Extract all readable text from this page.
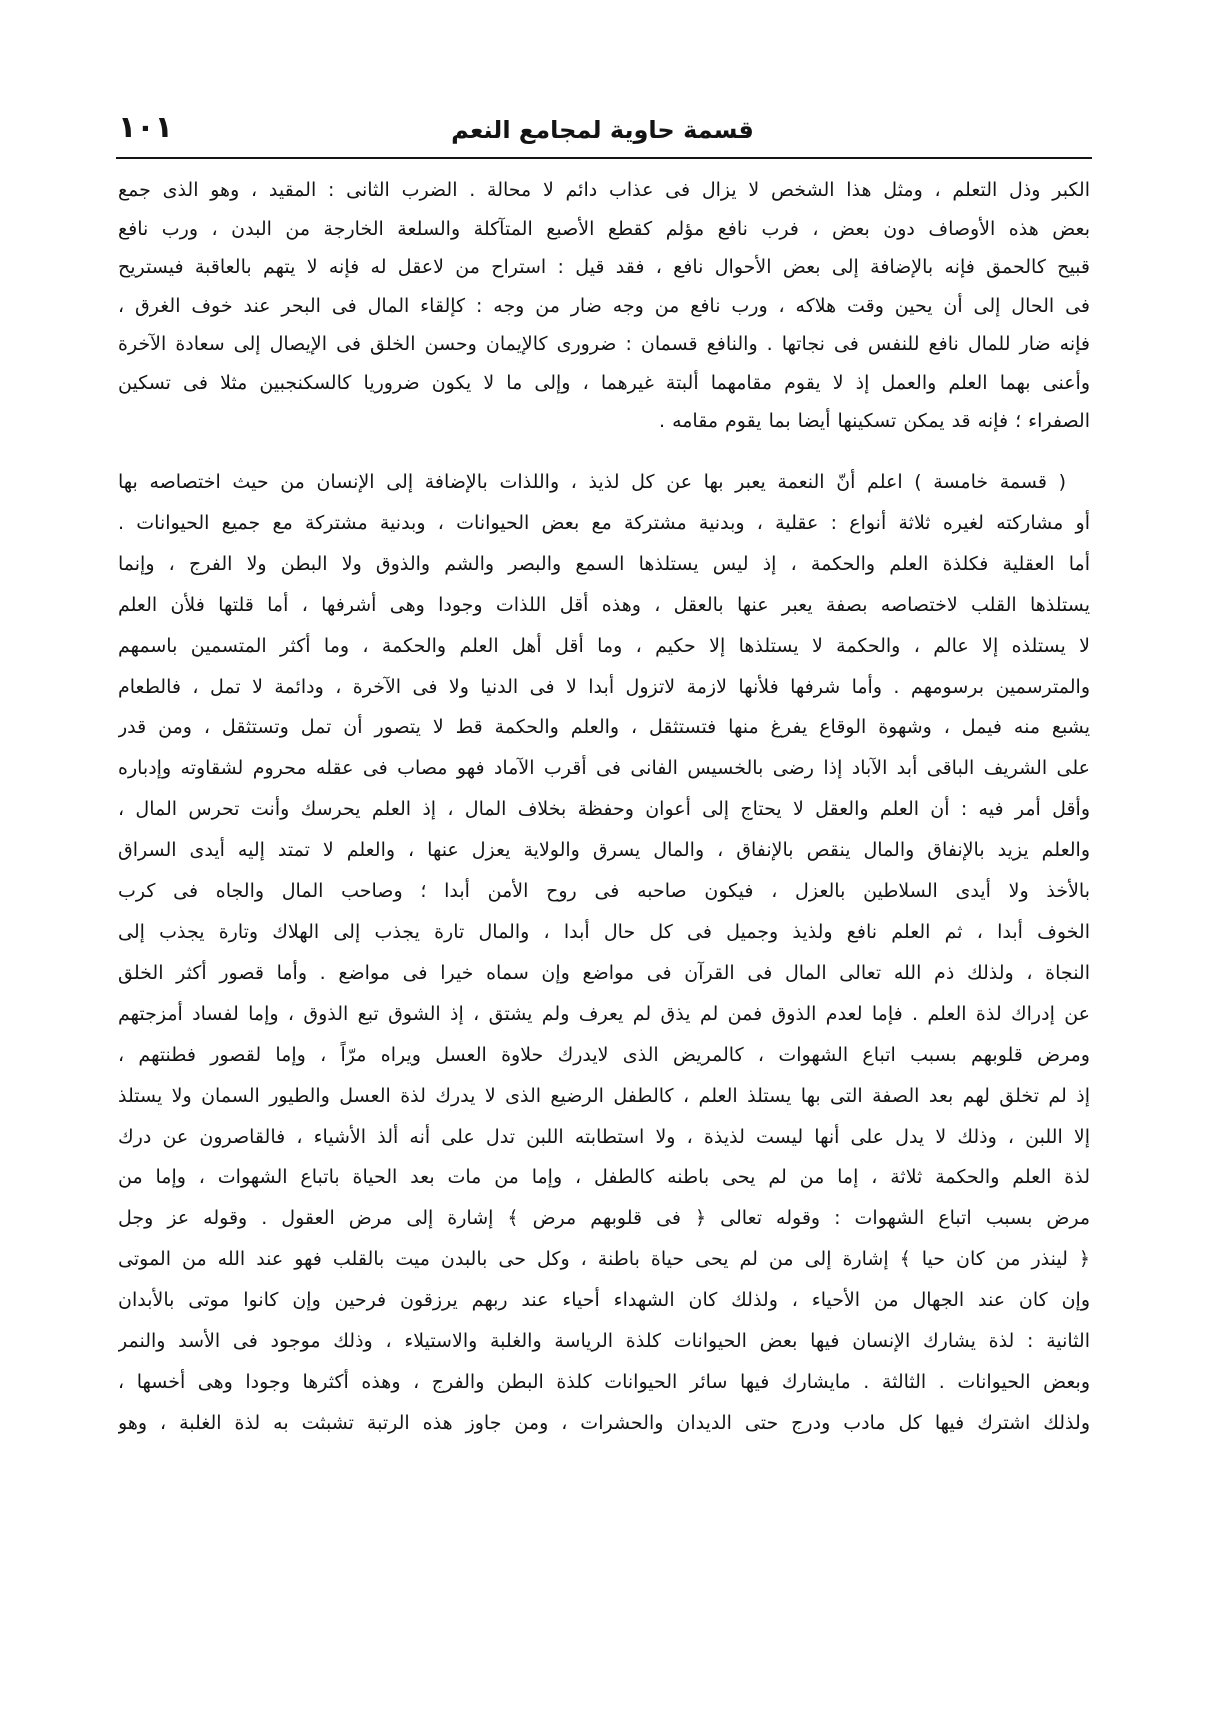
١٠١	قسمة حاوية لمجامع النعم
الكبر وذل التعلم ، ومثل هذا الشخص لا يزال فى عذاب دائم لا محالة . الضرب الثانى : المقيد ، وهو الذى جمع
بعض هذه الأوصاف دون بعض ، فرب نافع مؤلم كقطع الأصبع المتآكلة والسلعة الخارجة من البدن ، ورب نافع
قبيح كالحمق فإنه بالإضافة إلى بعض الأحوال نافع ، فقد قيل : استراح من لاعقل له فإنه لا يتهم بالعاقبة فيستريح
فى الحال إلى أن يحين وقت هلاكه ، ورب نافع من وجه ضار من وجه : كإلقاء المال فى البحر عند خوف الغرق ،
فإنه ضار للمال نافع للنفس فى نجاتها . والنافع قسمان : ضرورى كالإيمان وحسن الخلق فى الإيصال إلى سعادة الآخرة
وأعنى بهما العلم والعمل إذ لا يقوم مقامهما ألبتة غيرهما ، وإلى ما لا يكون ضروريا كالسكنجبين مثلا فى تسكين
الصفراء ؛ فإنه قد يمكن تسكينها أيضا بما يقوم مقامه .
( قسمة خامسة ) اعلم أنّ النعمة يعبر بها عن كل لذيذ ، واللذات بالإضافة إلى الإنسان من حيث اختصاصه بها
أو مشاركته لغيره ثلاثة أنواع : عقلية ، وبدنية مشتركة مع بعض الحيوانات ، وبدنية مشتركة مع جميع الحيوانات .
أما العقلية فكلذة العلم والحكمة ، إذ ليس يستلذها السمع والبصر والشم والذوق ولا البطن ولا الفرج ، وإنما
يستلذها القلب لاختصاصه بصفة يعبر عنها بالعقل ، وهذه أقل اللذات وجودا وهى أشرفها ، أما قلتها فلأن العلم
لا يستلذه إلا عالم ، والحكمة لا يستلذها إلا حكيم ، وما أقل أهل العلم والحكمة ، وما أكثر المتسمين باسمهم
والمترسمين برسومهم . وأما شرفها فلأنها لازمة لاتزول أبدا لا فى الدنيا ولا فى الآخرة ، ودائمة لا تمل ، فالطعام
يشبع منه فيمل ، وشهوة الوقاع يفرغ منها فتستثقل ، والعلم والحكمة قط لا يتصور أن تمل وتستثقل ، ومن قدر
على الشريف الباقى أبد الآباد إذا رضى بالخسيس الفانى فى أقرب الآماد فهو مصاب فى عقله محروم لشقاوته وإدباره
وأقل أمر فيه : أن العلم والعقل لا يحتاج إلى أعوان وحفظة بخلاف المال ، إذ العلم يحرسك وأنت تحرس المال ،
والعلم يزيد بالإنفاق والمال ينقص بالإنفاق ، والمال يسرق والولاية يعزل عنها ، والعلم لا تمتد إليه أيدى السراق
بالأخذ ولا أيدى السلاطين بالعزل ، فيكون صاحبه فى روح الأمن أبدا ؛ وصاحب المال والجاه فى كرب
الخوف أبدا ، ثم العلم نافع ولذيذ وجميل فى كل حال أبدا ، والمال تارة يجذب إلى الهلاك وتارة يجذب إلى
النجاة ، ولذلك ذم الله تعالى المال فى القرآن فى مواضع وإن سماه خيرا فى مواضع . وأما قصور أكثر الخلق
عن إدراك لذة العلم . فإما لعدم الذوق فمن لم يذق لم يعرف ولم يشتق ، إذ الشوق تبع الذوق ، وإما لفساد أمزجتهم
ومرض قلوبهم بسبب اتباع الشهوات ، كالمريض الذى لايدرك حلاوة العسل ويراه مرّاً ، وإما لقصور فطنتهم ،
إذ لم تخلق لهم بعد الصفة التى بها يستلذ العلم ، كالطفل الرضيع الذى لا يدرك لذة العسل والطيور السمان ولا يستلذ
إلا اللبن ، وذلك لا يدل على أنها ليست لذيذة ، ولا استطابته اللبن تدل على أنه ألذ الأشياء ، فالقاصرون عن درك
لذة العلم والحكمة ثلاثة ، إما من لم يحى باطنه كالطفل ، وإما من مات بعد الحياة باتباع الشهوات ، وإما من
مرض بسبب اتباع الشهوات : وقوله تعالى ﴿ فى قلوبهم مرض ﴾ إشارة إلى مرض العقول . وقوله عز وجل
﴿ لينذر من كان حيا ﴾ إشارة إلى من لم يحى حياة باطنة ، وكل حى بالبدن ميت بالقلب فهو عند الله من الموتى
وإن كان عند الجهال من الأحياء ، ولذلك كان الشهداء أحياء عند ربهم يرزقون فرحين وإن كانوا موتى بالأبدان
الثانية : لذة يشارك الإنسان فيها بعض الحيوانات كلذة الرياسة والغلبة والاستيلاء ، وذلك موجود فى الأسد والنمر
وبعض الحيوانات . الثالثة . مايشارك فيها سائر الحيوانات كلذة البطن والفرج ، وهذه أكثرها وجودا وهى أخسها ،
ولذلك اشترك فيها كل مادب ودرج حتى الديدان والحشرات ، ومن جاوز هذه الرتبة تشبثت به لذة الغلبة ، وهو
